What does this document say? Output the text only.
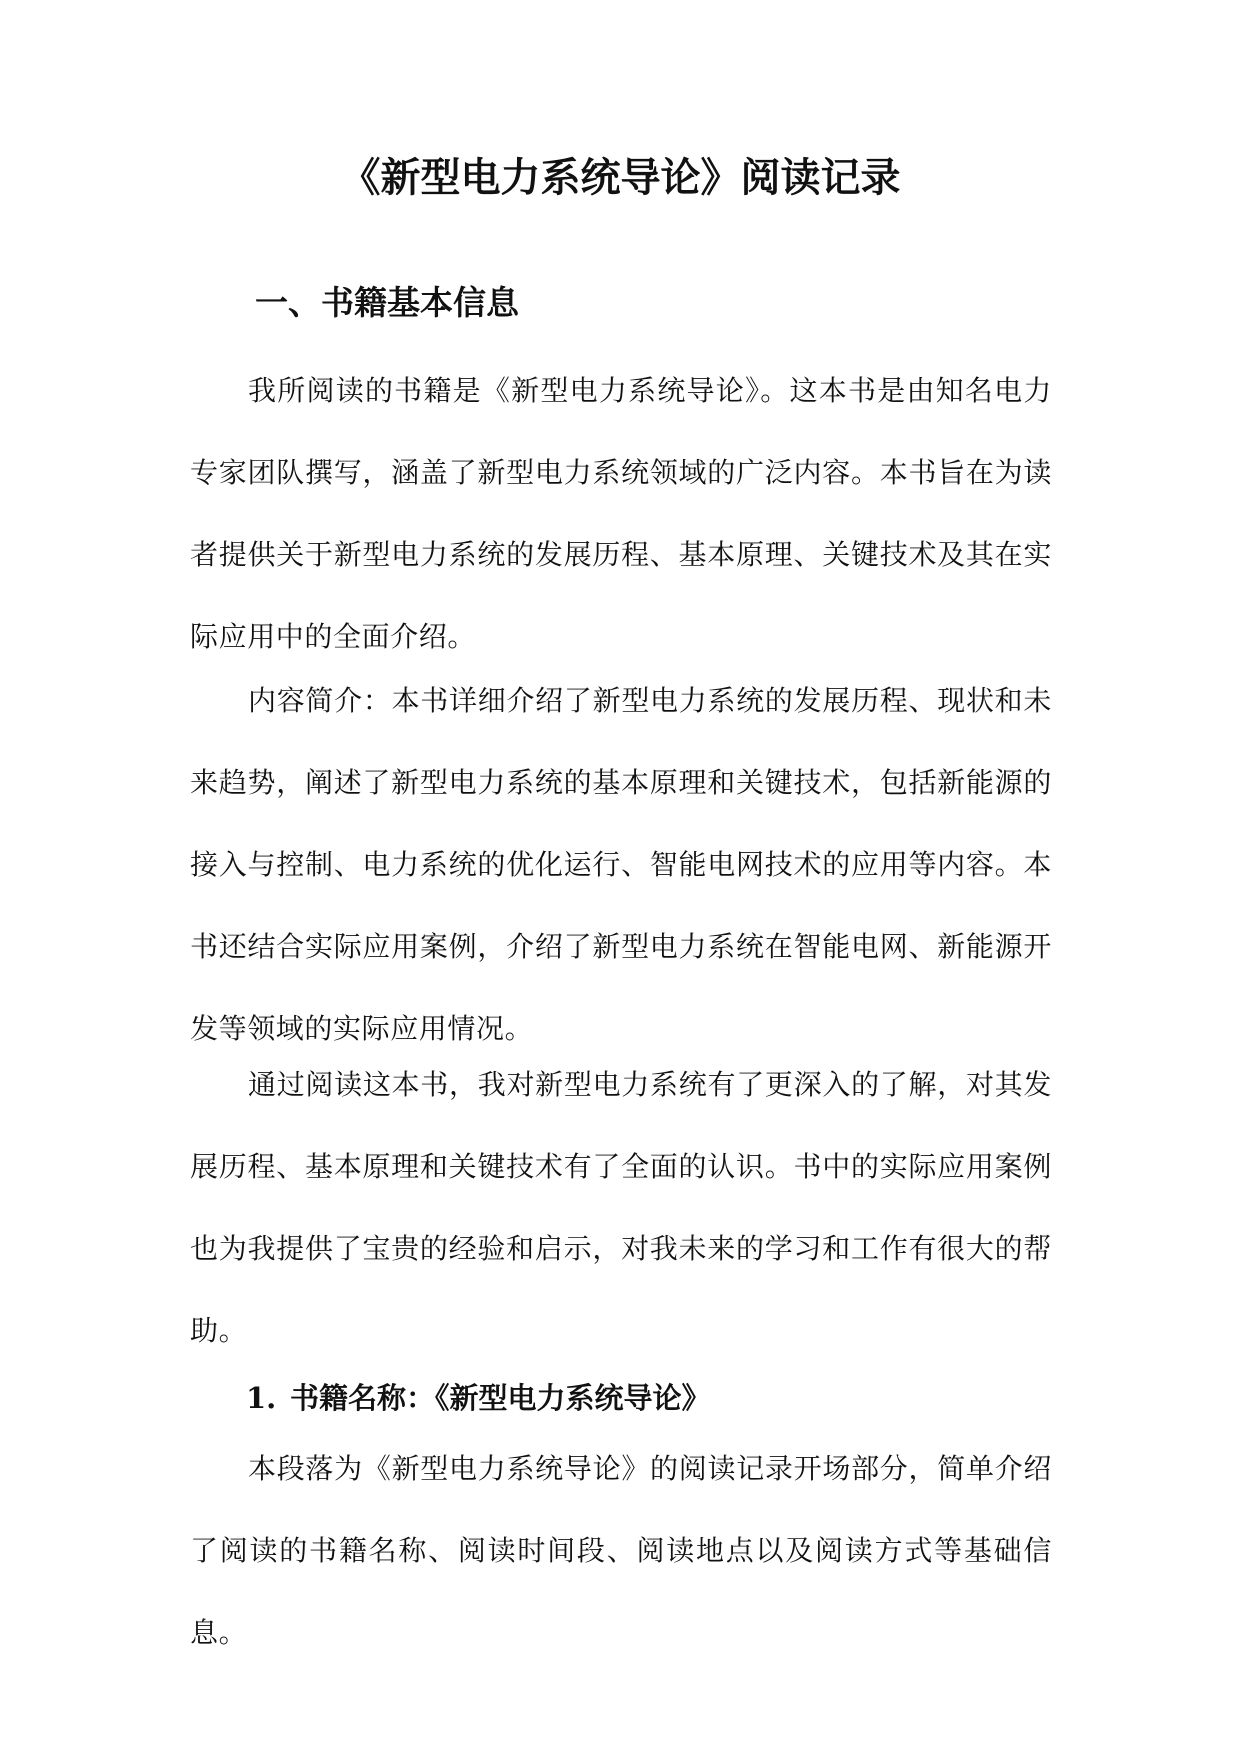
《新型电力系统导论》阅读记录
一、书籍基本信息

我所阅读的书籍是《新型电力系统导论》。这本书是由知名电力专家团队撰写，涵盖了新型电力系统领域的广泛内容。本书旨在为读者提供关于新型电力系统的发展历程、基本原理、关键技术及其在实际应用中的全面介绍。

内容简介：本书详细介绍了新型电力系统的发展历程、现状和未来趋势，阐述了新型电力系统的基本原理和关键技术，包括新能源的接入与控制、电力系统的优化运行、智能电网技术的应用等内容。本书还结合实际应用案例，介绍了新型电力系统在智能电网、新能源开发等领域的实际应用情况。

通过阅读这本书，我对新型电力系统有了更深入的了解，对其发展历程、基本原理和关键技术有了全面的认识。书中的实际应用案例也为我提供了宝贵的经验和启示，对我未来的学习和工作有很大的帮助。

1. 书籍名称：《新型电力系统导论》

本段落为《新型电力系统导论》的阅读记录开场部分，简单介绍了阅读的书籍名称、阅读时间段、阅读地点以及阅读方式等基础信息。
